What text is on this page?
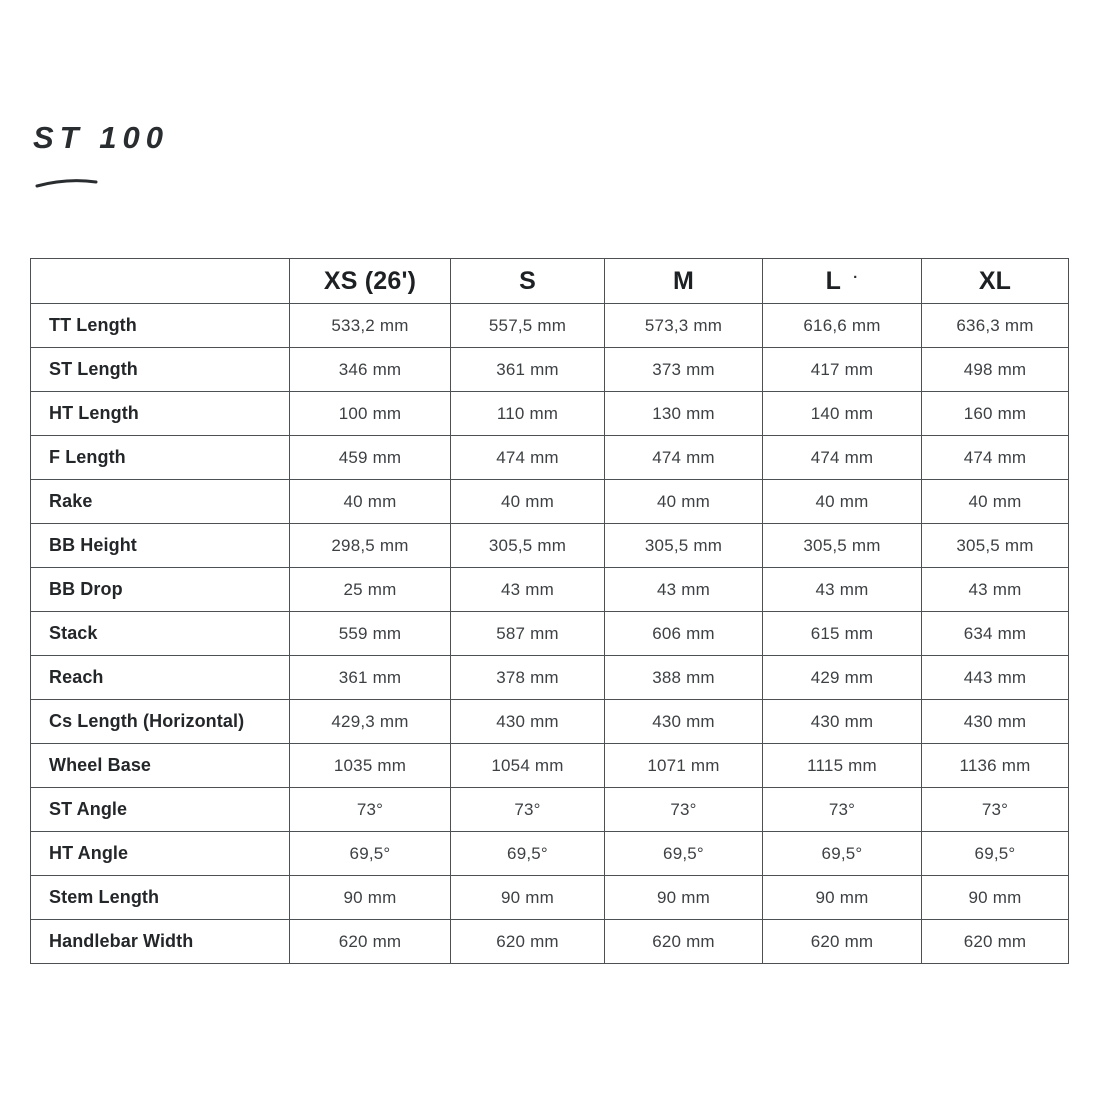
ST 100
	XS (26')	S	M	L ·	XL
TT Length	533,2 mm	557,5 mm	573,3 mm	616,6 mm	636,3 mm
ST Length	346 mm	361 mm	373 mm	417 mm	498 mm
HT Length	100 mm	110 mm	130 mm	140 mm	160 mm
F Length	459 mm	474 mm	474 mm	474 mm	474 mm
Rake	40 mm	40 mm	40 mm	40 mm	40 mm
BB Height	298,5 mm	305,5 mm	305,5 mm	305,5 mm	305,5 mm
BB Drop	25 mm	43 mm	43 mm	43 mm	43 mm
Stack	559 mm	587 mm	606 mm	615 mm	634 mm
Reach	361 mm	378 mm	388 mm	429 mm	443 mm
Cs Length (Horizontal)	429,3 mm	430 mm	430 mm	430 mm	430 mm
Wheel Base	1035 mm	1054 mm	1071 mm	1115 mm	1136 mm
ST Angle	73°	73°	73°	73°	73°
HT Angle	69,5°	69,5°	69,5°	69,5°	69,5°
Stem Length	90 mm	90 mm	90 mm	90 mm	90 mm
Handlebar Width	620 mm	620 mm	620 mm	620 mm	620 mm
